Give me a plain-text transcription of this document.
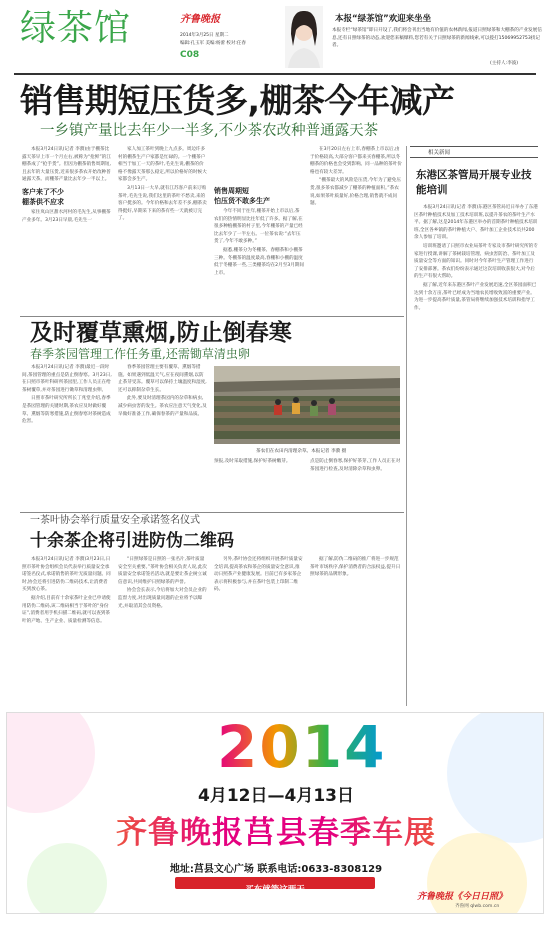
绿茶馆	齐鲁晚报
2014年3月25日 星期二
编辑:孔玉军 美编:杨蕾 校对:任春
C08
本报“绿茶馆”欢迎来坐坐
本报专栏“绿茶馆”即日开设了,我们将会刊出当地有价值的农林新闻,报道日照绿茶和大棚茶的产业发展信息,还有日照绿茶的动态,欢迎您来稿爆料,您若有关于日照绿茶的新闻线索,可以拨打15069952753找记者。
(主持人:李波)
销售期短压货多,棚茶今年减产
一乡镇产量比去年少一半多,不少茶农改种普通露天茶

本报3月24日讯(记者 李漪)由于棚茶比露天茶早上市一个月左右,被称为“抢鲜”的江棚茶成了“抢手货”。但因为棚茶销售周期短,且去年的大量压货,近来很多茶农开始改种普通露天茶。而棚茶产量比去年少一半以上。

客户来了不少
棚茶供不应求

家住岚山区甜水河村的毛先生,从事棚茶产业多年。3月23日早晨,毛先生一

家人加工茶叶到晚上九点多。周边许多村的棚茶生产户家都是忙碌的。一个棚茶户相当于加工一天的茶叶,毛先生说,棚茶的价格不像露天茶那么稳定,所以价格好的时候大家都会多生产。

3月13日一大早,就有江苏客户前来订购茶叶,毛先生说,我们这里的茶叶不愁卖,来的客户挺多的。今年价格和去年差不多,棚茶卖得挺好,早期采下来的茶有些一天就被订完了。

销售周期短
怕压货不敢多生产

今年不同于往年,棚茶开始上市以后,茶农们的热情明显比往年低了许多。据了解,在很多种植棚茶的村子里,今年棚茶的产量已经比去年少了一半左右。一位茶农说:“去年压货了,今年不敢多种。”

据悉,棚茶分为冬棚茶、春棚茶和小棚茶三种。冬棚茶的温度最高,春棚和小棚的温度低于冬棚茶一些,三类棚茶均在2月至3月期间上市。

在3月20日左右上市,春棚茶上市以后,由于价格较高,大部分客户都来买春棚茶,所以冬棚茶的价格也会受到影响。同一品种的茶叶价格也有较大差异。

“棚茶最大的风险是压货,今年为了避免压货,很多茶农都减少了棚茶的种植面积。”茶农说,如果茶叶质量好,价格合理,销售就不成问题。

相关新闻
东港区茶管局开展专业技能培训

本报3月24日讯(记者 李漪)东港区茶管局近日举办了东港区茶叶种植技术及加工技术培训班,以提升茶农的茶叶生产水平。据了解,这是2014年东港区举办的首期茶叶种植技术培训班,全区各乡镇的茶叶种植大户、茶叶加工企业技术员共200余人参加了培训。

培训班邀请了日照市农业局茶叶专家及市茶叶研究所的专家进行授课,讲解了茶树栽培管理、病虫害防治、茶叶加工及质量安全等方面的知识。同时对今年茶叶生产管理工作进行了安排部署。茶农们纷纷表示通过这次培训收获很大,对今后的生产有很大帮助。

据了解,近年来东港区茶叶产业发展迅速,全区茶园面积已达到十余万亩,茶叶已经成为当地农民增收致富的重要产业。为进一步提高茶叶质量,茶管局将继续加强技术培训和指导工作。

及时覆草熏烟,防止倒春寒
春季茶园管理工作任务重,还需锄草清虫卵

本报3月24日讯(记者 李漪)最近一段时间,茶园管理的重点是防止倒春寒。3月23日,在日照市茶叶科研所茶园里,工作人员正在给茶树覆草,并对茶园进行锄草和清理虫卵。

日照市茶叶研究所所长丁兆堂介绍,春季是茶园管理的关键时期,茶农应及时做好覆草、熏烟等防寒措施,防止倒春寒对茶树造成危害。

春季茶园管理主要有覆草、熏烟等措施。如果遇到低温天气,应在夜间熏烟,以防止茶芽受冻。覆草可以保持土壤温度和湿度,还可以抑制杂草生长。

此外,要及时清理茶园内的杂草和病虫,减少病虫害的发生。茶农应注意天气变化,及早做好准备工作,确保春茶的产量和品质。

茶农们在农田内清理杂草。本报记者 李漪 摄

预报,及时采取措施,保护好茶树嫩芽。	点是防止倒春寒,保护好茶芽,工作人员正在对茶园进行检查,及时清除杂草和虫卵。

一茶叶协会举行质量安全承诺签名仪式
十余茶企将引进防伪二维码

本报3月24日讯(记者 李漪)3月23日,日照市茶叶协会组织会员代表举行质量安全承诺签名仪式,承诺销售的茶叶无质量问题。同时,协会还将引进防伪二维码技术,让消费者买到放心茶。

据介绍,目前有十余家茶叶企业已申请使用防伪二维码,该二维码相当于茶叶的“身份证”,消费者用手机扫描二维码,就可以查到茶叶的产地、生产企业、质量检测等信息。

“日照绿茶是日照的一张名片,茶叶质量安全至关重要。”茶叶协会相关负责人说,此次质量安全承诺签名活动,就是要让茶企树立诚信意识,共同维护日照绿茶的声誉。

协会会长表示,今后将加大对会员企业的监督力度,对出现质量问题的企业将予以曝光,并取消其会员资格。

另外,茶叶协会还将组织开展茶叶质量安全培训,提高茶农和茶企的质量安全意识,推动日照茶产业健康发展。目前已有多家茶企表示将积极参与,并在茶叶包装上印制二维码。

据了解,防伪二维码的推广将进一步规范茶叶市场秩序,保护消费者的合法权益,提升日照绿茶的品牌形象。

2014
4月12日—4月13日
齐鲁晚报莒县春季车展
地址:莒县文心广场 联系电话:0633-8308129
买车就等这两天
齐鲁晚报《今日日照》
齐鲁网 qlwb.com.cn
